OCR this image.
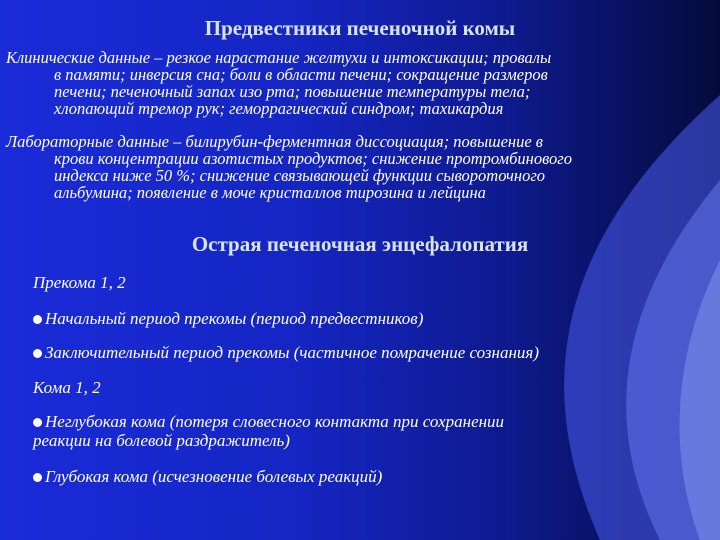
Предвестники печеночной комы
Клинические данные – резкое нарастание желтухи и интоксикации; провалы
в памяти; инверсия сна; боли в области печени; сокращение размеров
печени; печеночный запах изо рта; повышение температуры тела;
хлопающий тремор рук; геморрагический синдром; тахикардия
Лабораторные данные – билирубин-ферментная диссоциация; повышение в
крови концентрации азотистых продуктов; снижение протромбинового
индекса ниже 50 %; снижение связывающей функции сывороточного
альбумина; появление в моче кристаллов тирозина и лейцина
Острая печеночная энцефалопатия
Прекома 1, 2
Начальный период прекомы (период предвестников)
Заключительный период прекомы (частичное помрачение сознания)
Кома 1, 2
Неглубокая кома (потеря словесного контакта при сохранении
реакции на болевой раздражитель)
Глубокая кома (исчезновение болевых реакций)
